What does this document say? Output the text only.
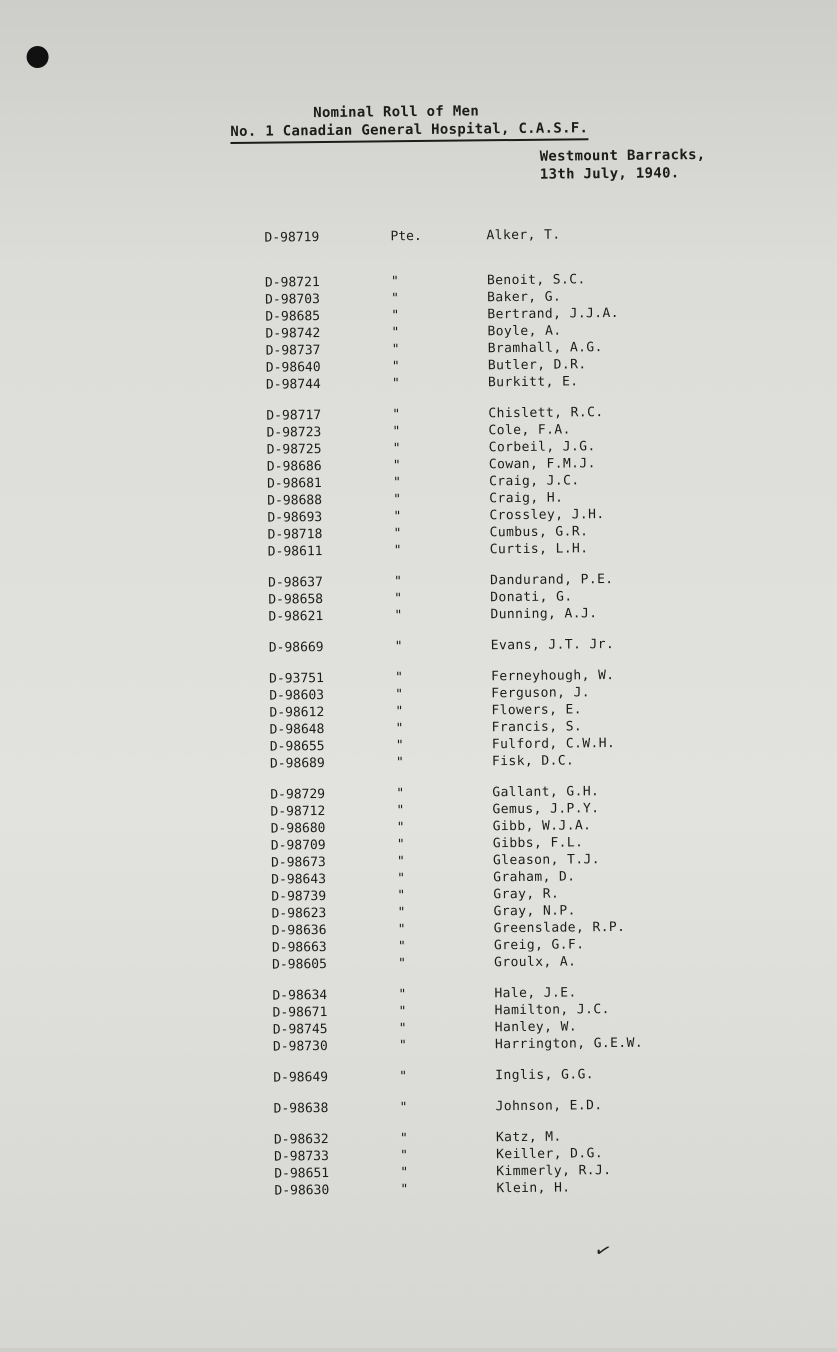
Nominal Roll of Men
No. 1 Canadian General Hospital, C.A.S.F.
Westmount Barracks,
13th July, 1940.
D-98719	Pte.	Alker, T.
D-98721	"	Benoit, S.C.
D-98703	"	Baker, G.
D-98685	"	Bertrand, J.J.A.
D-98742	"	Boyle, A.
D-98737	"	Bramhall, A.G.
D-98640	"	Butler, D.R.
D-98744	"	Burkitt, E.
D-98717	"	Chislett, R.C.
D-98723	"	Cole, F.A.
D-98725	"	Corbeil, J.G.
D-98686	"	Cowan, F.M.J.
D-98681	"	Craig, J.C.
D-98688	"	Craig, H.
D-98693	"	Crossley, J.H.
D-98718	"	Cumbus, G.R.
D-98611	"	Curtis, L.H.
D-98637	"	Dandurand, P.E.
D-98658	"	Donati, G.
D-98621	"	Dunning, A.J.
D-98669	"	Evans, J.T. Jr.
D-93751	"	Ferneyhough, W.
D-98603	"	Ferguson, J.
D-98612	"	Flowers, E.
D-98648	"	Francis, S.
D-98655	"	Fulford, C.W.H.
D-98689	"	Fisk, D.C.
D-98729	"	Gallant, G.H.
D-98712	"	Gemus, J.P.Y.
D-98680	"	Gibb, W.J.A.
D-98709	"	Gibbs, F.L.
D-98673	"	Gleason, T.J.
D-98643	"	Graham, D.
D-98739	"	Gray, R.
D-98623	"	Gray, N.P.
D-98636	"	Greenslade, R.P.
D-98663	"	Greig, G.F.
D-98605	"	Groulx, A.
D-98634	"	Hale, J.E.
D-98671	"	Hamilton, J.C.
D-98745	"	Hanley, W.
D-98730	"	Harrington, G.E.W.
D-98649	"	Inglis, G.G.
D-98638	"	Johnson, E.D.
D-98632	"	Katz, M.
D-98733	"	Keiller, D.G.
D-98651	"	Kimmerly, R.J.
D-98630	"	Klein, H.
✓
